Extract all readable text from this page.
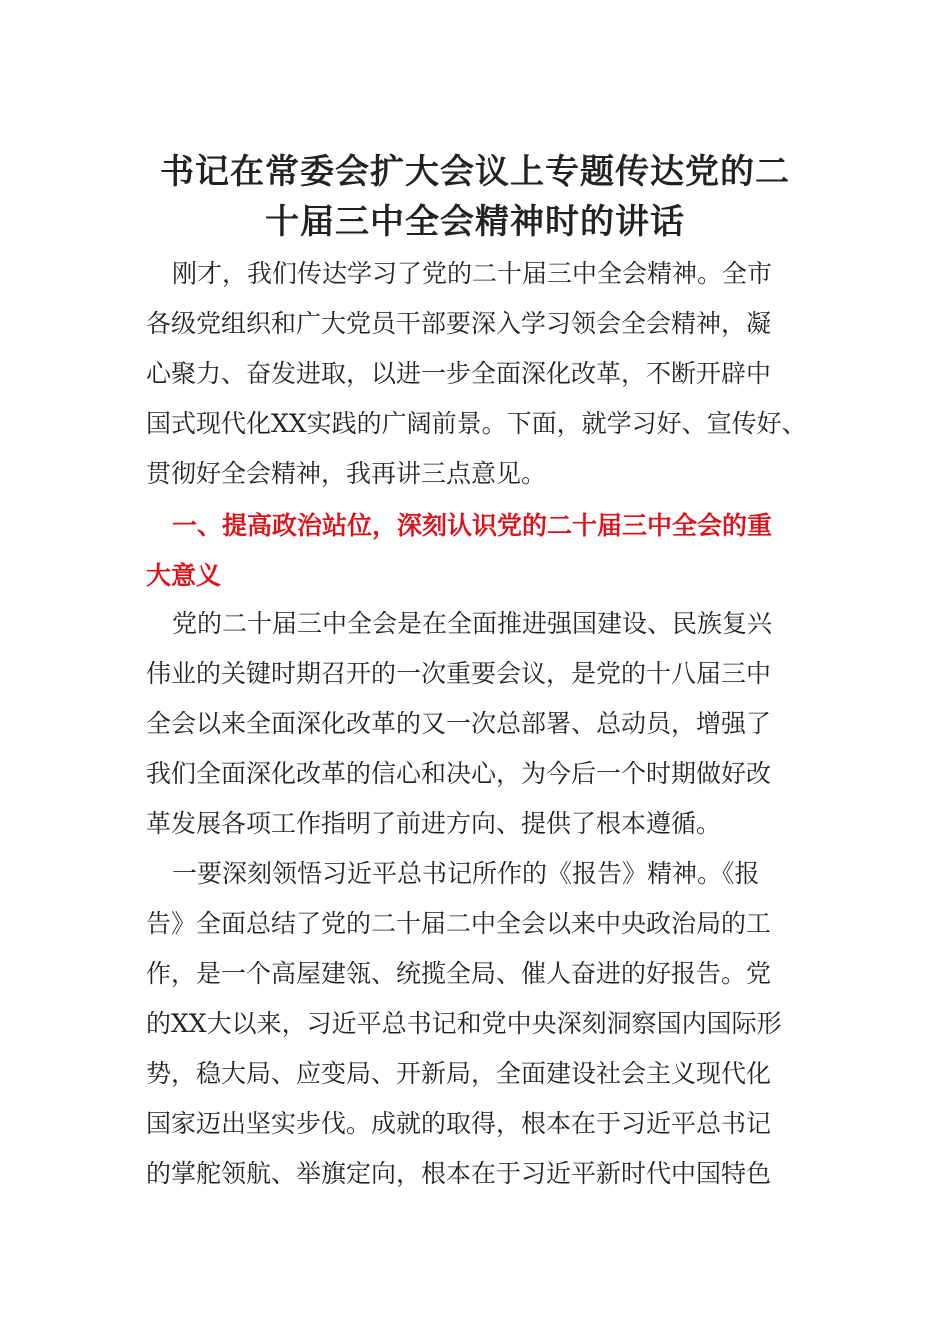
书记在常委会扩大会议上专题传达党的二
十届三中全会精神时的讲话
刚才，我们传达学习了党的二十届三中全会精神。全市
各级党组织和广大党员干部要深入学习领会全会精神，凝
心聚力、奋发进取，以进一步全面深化改革，不断开辟中
国式现代化XX实践的广阔前景。下面，就学习好、宣传好、
贯彻好全会精神，我再讲三点意见。
一、提高政治站位，深刻认识党的二十届三中全会的重
大意义
党的二十届三中全会是在全面推进强国建设、民族复兴
伟业的关键时期召开的一次重要会议，是党的十八届三中
全会以来全面深化改革的又一次总部署、总动员，增强了
我们全面深化改革的信心和决心，为今后一个时期做好改
革发展各项工作指明了前进方向、提供了根本遵循。
一要深刻领悟习近平总书记所作的《报告》精神。《报
告》全面总结了党的二十届二中全会以来中央政治局的工
作，是一个高屋建瓴、统揽全局、催人奋进的好报告。党
的XX大以来，习近平总书记和党中央深刻洞察国内国际形
势，稳大局、应变局、开新局，全面建设社会主义现代化
国家迈出坚实步伐。成就的取得，根本在于习近平总书记
的掌舵领航、举旗定向，根本在于习近平新时代中国特色
